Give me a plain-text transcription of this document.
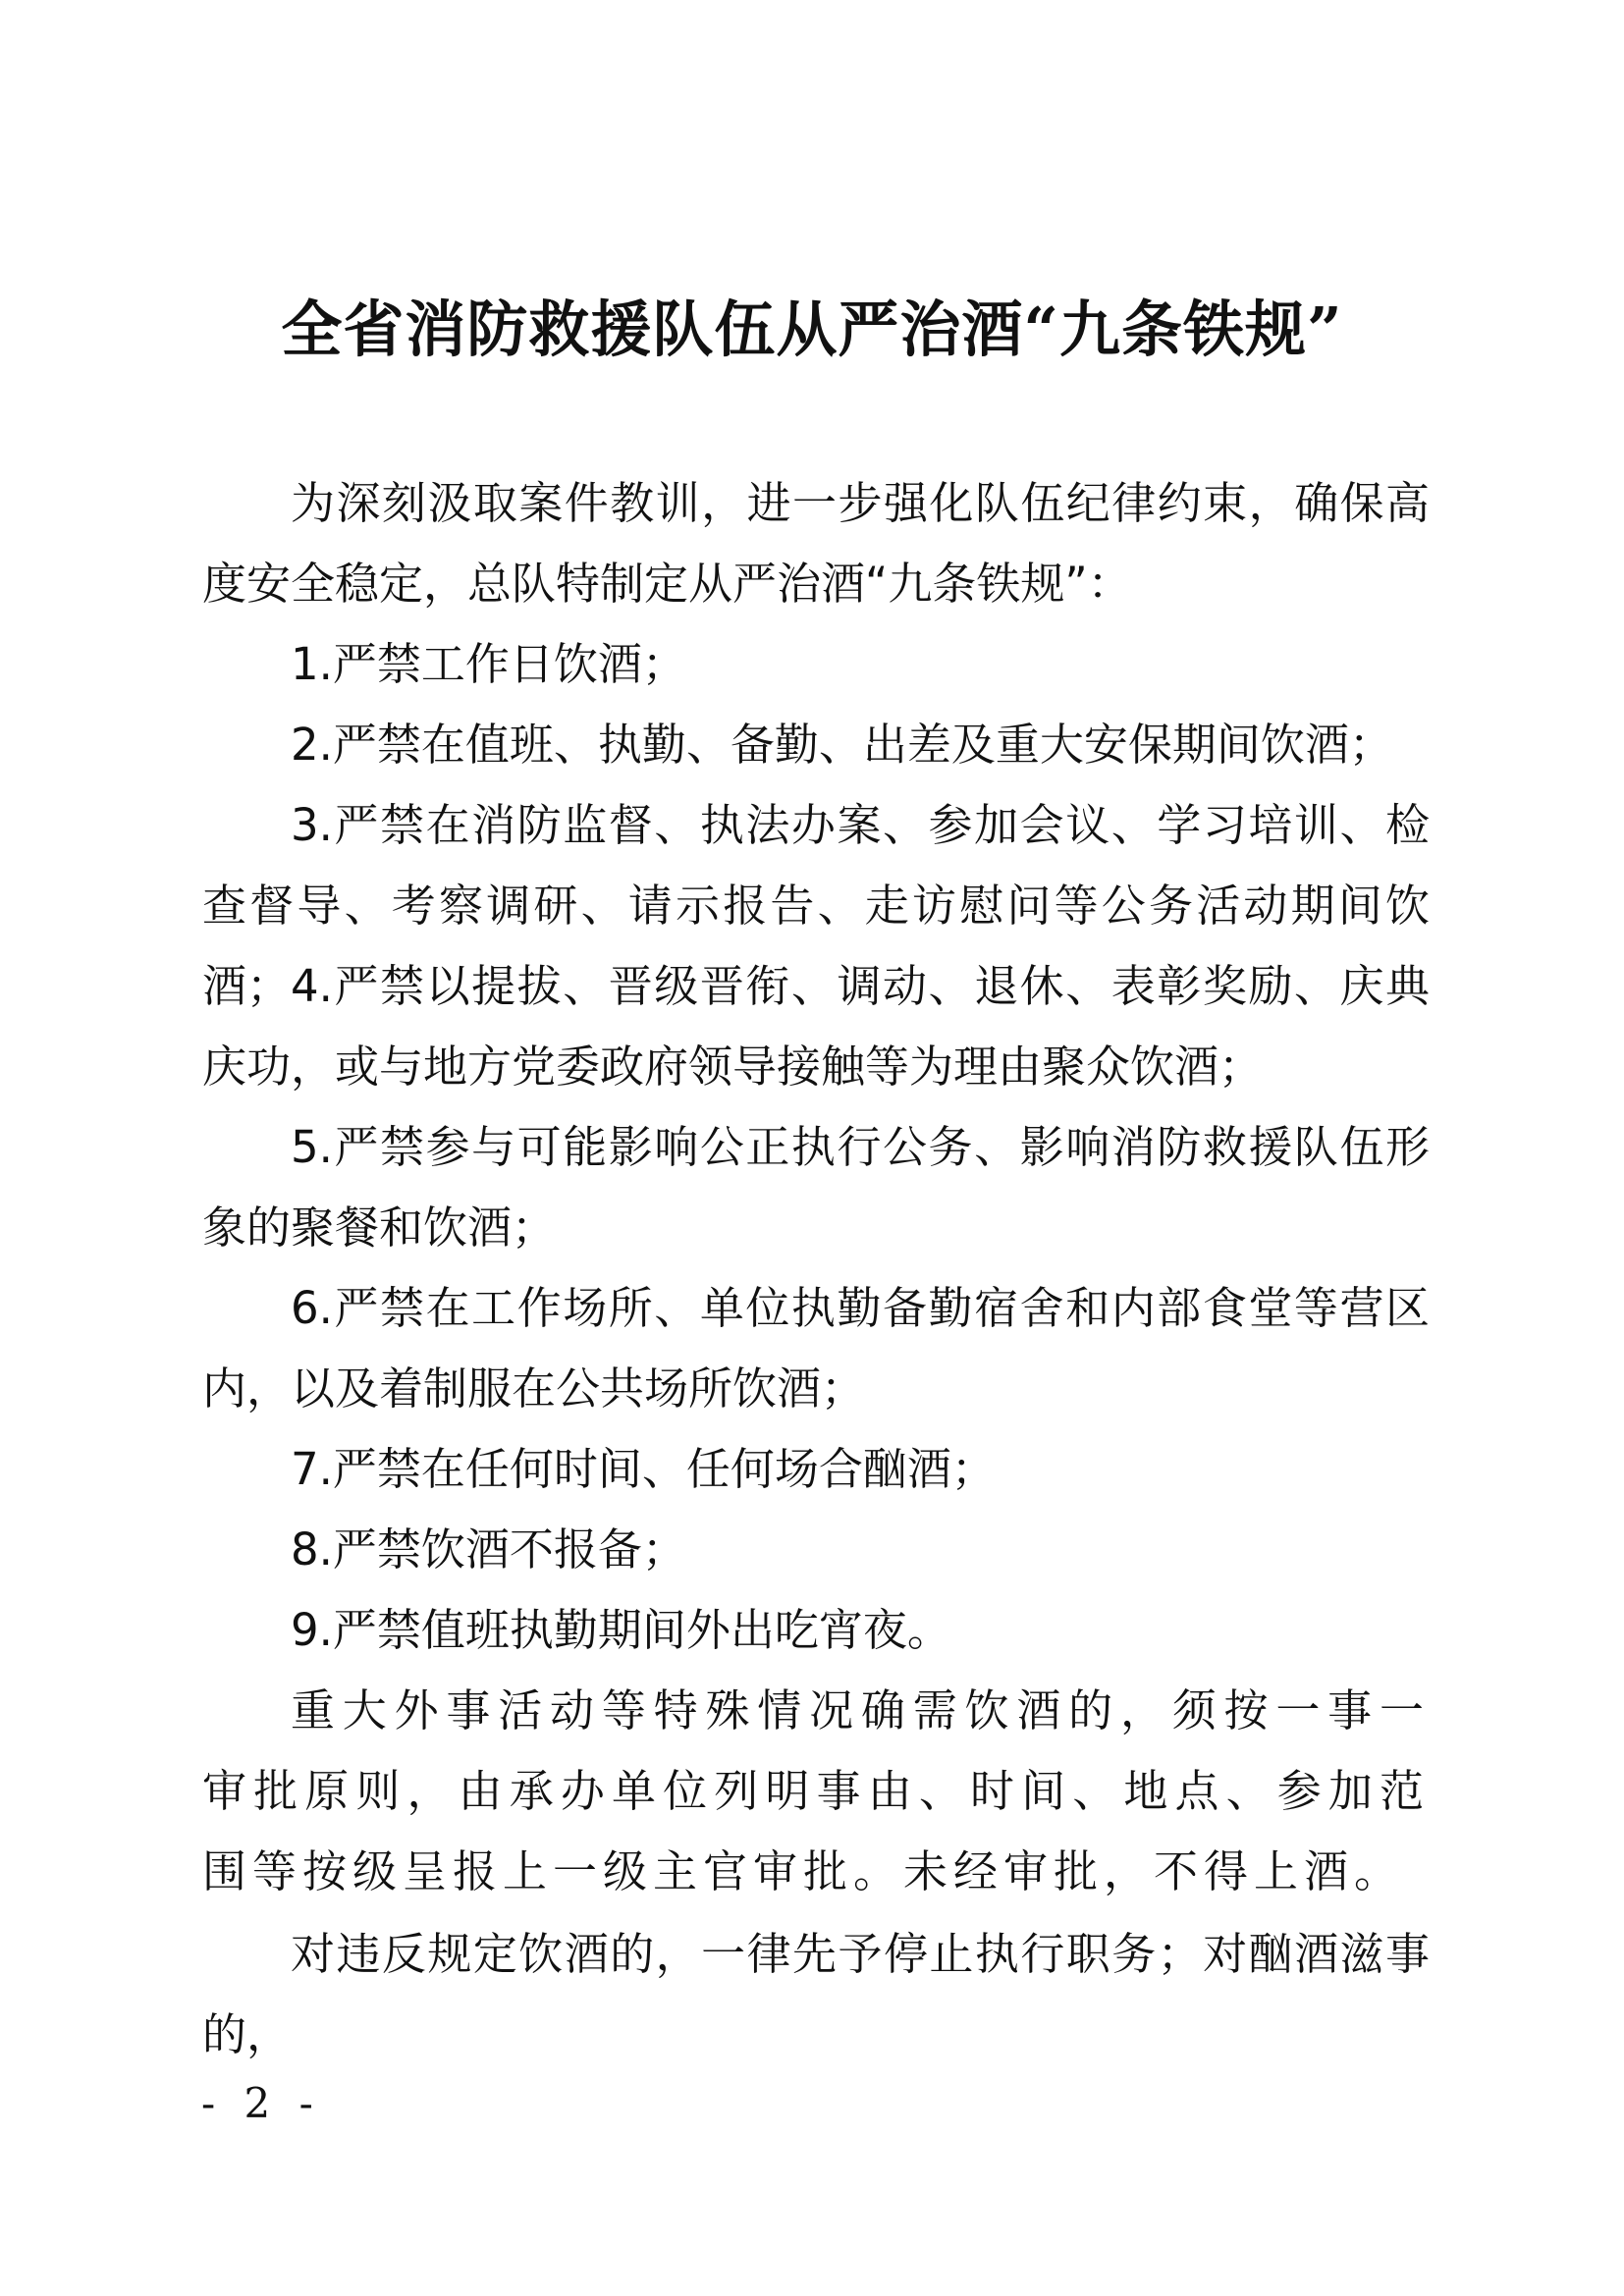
全省消防救援队伍从严治酒“九条铁规”

为深刻汲取案件教训，进一步强化队伍纪律约束，确保高度安全稳定，总队特制定从严治酒“九条铁规”：

1.严禁工作日饮酒；

2.严禁在值班、执勤、备勤、出差及重大安保期间饮酒；

3.严禁在消防监督、执法办案、参加会议、学习培训、检查督导、考察调研、请示报告、走访慰问等公务活动期间饮酒； 4.严禁以提拔、晋级晋衔、调动、退休、表彰奖励、庆典庆功，或与地方党委政府领导接触等为理由聚众饮酒；

5.严禁参与可能影响公正执行公务、影响消防救援队伍形象的聚餐和饮酒；

6.严禁在工作场所、单位执勤备勤宿舍和内部食堂等营区内，以及着制服在公共场所饮酒；

7.严禁在任何时间、任何场合酗酒；

8.严禁饮酒不报备；

9.严禁值班执勤期间外出吃宵夜。

重大外事活动等特殊情况确需饮酒的，须按一事一审批原则，由承办单位列明事由、时间、地点、参加范围等按级呈报上一级主官审批。未经审批，不得上酒。

对违反规定饮酒的，一律先予停止执行职务；对酗酒滋事的，

- 2 -
